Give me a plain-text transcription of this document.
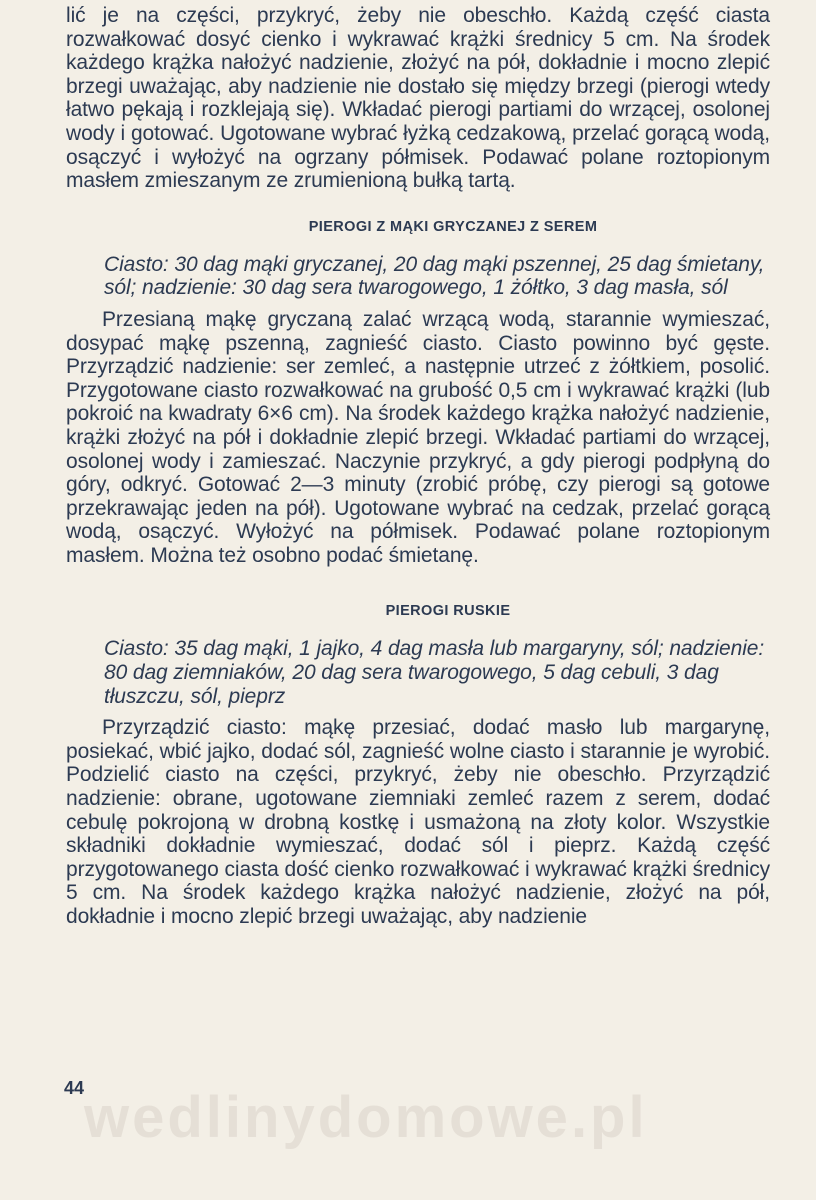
lić je na części, przykryć, żeby nie obeschło. Każdą część ciasta rozwałkować dosyć cienko i wykrawać krążki średnicy 5 cm. Na środek każdego krążka nałożyć nadzienie, złożyć na pół, dokładnie i mocno zlepić brzegi uważając, aby nadzienie nie dostało się między brzegi (pierogi wtedy łatwo pękają i rozklejają się). Wkładać pierogi partiami do wrzącej, osolonej wody i gotować. Ugotowane wybrać łyżką cedzakową, przelać gorącą wodą, osączyć i wyłożyć na ogrzany półmisek. Podawać polane roztopionym masłem zmieszanym ze zrumienioną bułką tartą.

PIEROGI Z MĄKI GRYCZANEJ Z SEREM

Ciasto: 30 dag mąki gryczanej, 20 dag mąki pszennej, 25 dag śmietany, sól; nadzienie: 30 dag sera twarogowego, 1 żółtko, 3 dag masła, sól

Przesianą mąkę gryczaną zalać wrzącą wodą, starannie wymieszać, dosypać mąkę pszenną, zagnieść ciasto. Ciasto powinno być gęste. Przyrządzić nadzienie: ser zemleć, a następnie utrzeć z żółtkiem, posolić. Przygotowane ciasto rozwałkować na grubość 0,5 cm i wykrawać krążki (lub pokroić na kwadraty 6×6 cm). Na środek każdego krążka nałożyć nadzienie, krążki złożyć na pół i dokładnie zlepić brzegi. Wkładać partiami do wrzącej, osolonej wody i zamieszać. Naczynie przykryć, a gdy pierogi podpłyną do góry, odkryć. Gotować 2—3 minuty (zrobić próbę, czy pierogi są gotowe przekrawając jeden na pół). Ugotowane wybrać na cedzak, przelać gorącą wodą, osączyć. Wyłożyć na półmisek. Podawać polane roztopionym masłem. Można też osobno podać śmietanę.

PIEROGI RUSKIE

Ciasto: 35 dag mąki, 1 jajko, 4 dag masła lub margaryny, sól; nadzienie: 80 dag ziemniaków, 20 dag sera twarogowego, 5 dag cebuli, 3 dag tłuszczu, sól, pieprz

Przyrządzić ciasto: mąkę przesiać, dodać masło lub margarynę, posiekać, wbić jajko, dodać sól, zagnieść wolne ciasto i starannie je wyrobić. Podzielić ciasto na części, przykryć, żeby nie obeschło. Przyrządzić nadzienie: obrane, ugotowane ziemniaki zemleć razem z serem, dodać cebulę pokrojoną w drobną kostkę i usmażoną na złoty kolor. Wszystkie składniki dokładnie wymieszać, dodać sól i pieprz. Każdą część przygotowanego ciasta dość cienko rozwałkować i wykrawać krążki średnicy 5 cm. Na środek każdego krążka nałożyć nadzienie, złożyć na pół, dokładnie i mocno zlepić brzegi uważając, aby nadzienie

wedlinydomowe.pl
44
